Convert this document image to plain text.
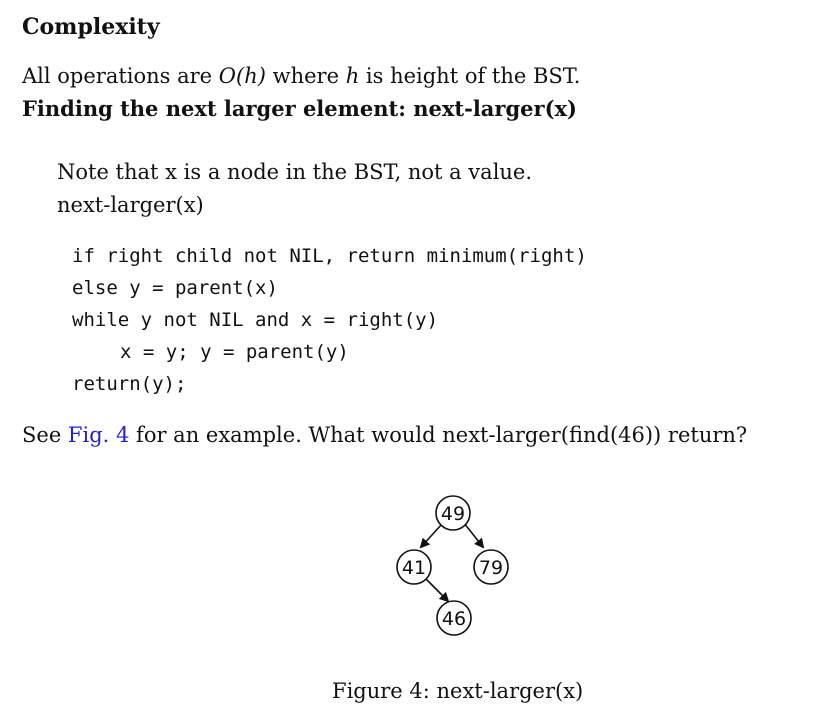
Complexity
All operations are O(h) where h is height of the BST.
Finding the next larger element: next-larger(x)
Note that x is a node in the BST, not a value.
next-larger(x)
if right child not NIL, return minimum(right)
else y = parent(x)
while y not NIL and x = right(y)
x = y; y = parent(y)
return(y);
See Fig. 4 for an example. What would next-larger(find(46)) return?
49
41	79
46
Figure 4: next-larger(x)
